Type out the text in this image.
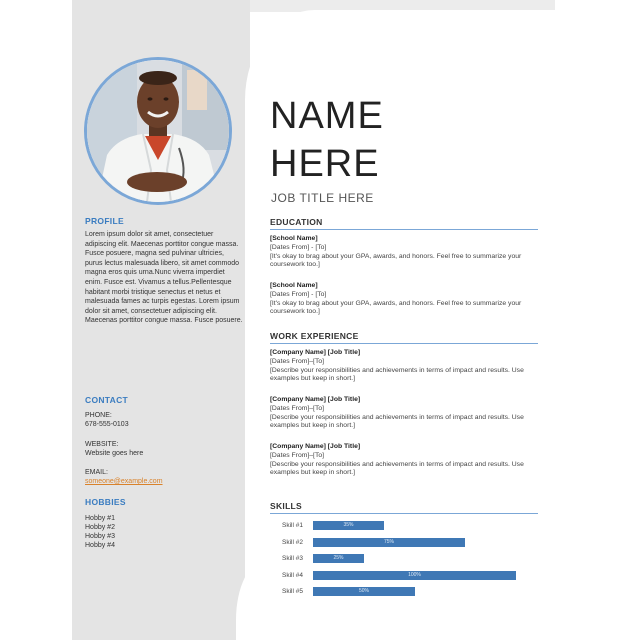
PROFILE
Lorem ipsum dolor sit amet, consectetuer adipiscing elit. Maecenas porttitor congue massa. Fusce posuere, magna sed pulvinar ultricies, purus lectus malesuada libero, sit amet commodo magna eros quis urna.Nunc viverra imperdiet enim. Fusce est. Vivamus a tellus.Pellentesque habitant morbi tristique senectus et netus et malesuada fames ac turpis egestas. Lorem ipsum dolor sit amet, consectetuer adipiscing elit. Maecenas porttitor congue massa. Fusce posuere.
CONTACT
PHONE:
678-555-0103
WEBSITE:
Website goes here
EMAIL:
someone@example.com
HOBBIES
Hobby #1
Hobby #2
Hobby #3
Hobby #4
NAME
HERE
JOB TITLE HERE
EDUCATION
[School Name]
[Dates From] - [To]
[It's okay to brag about your GPA, awards, and honors. Feel free to summarize your coursework too.]
[School Name]
[Dates From] - [To]
[It's okay to brag about your GPA, awards, and honors. Feel free to summarize your coursework too.]
WORK EXPERIENCE
[Company Name] [Job Title]
[Dates From]–[To]
[Describe your responsibilities and achievements in terms of impact and results. Use examples but keep in short.]
[Company Name] [Job Title]
[Dates From]–[To]
[Describe your responsibilities and achievements in terms of impact and results. Use examples but keep in short.]
[Company Name] [Job Title]
[Dates From]–[To]
[Describe your responsibilities and achievements in terms of impact and results. Use examples but keep in short.]
SKILLS
Skill #1	35%
Skill #2	75%
Skill #3	25%
Skill #4	100%
Skill #5	50%
